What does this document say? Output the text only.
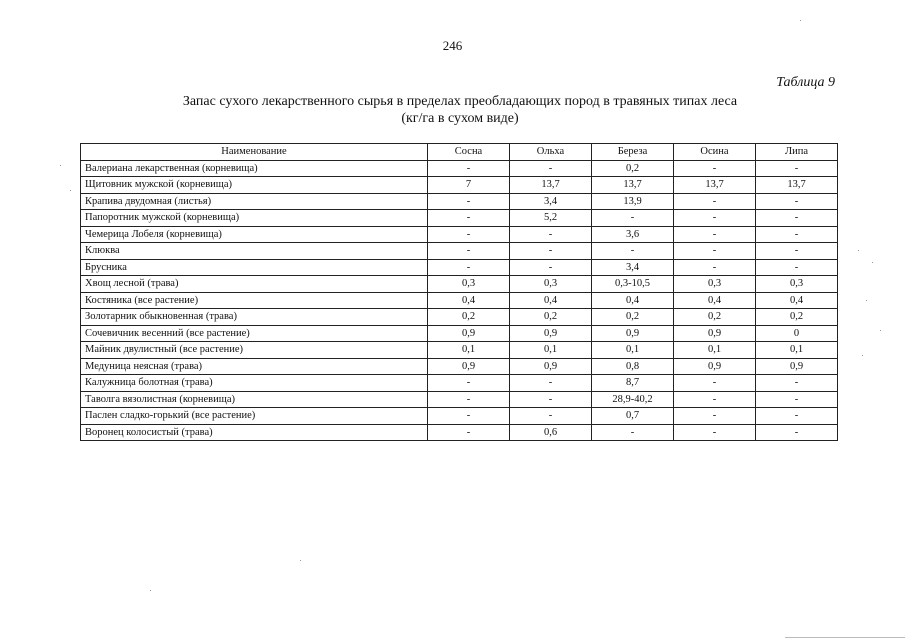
246
Таблица 9
Запас сухого лекарственного сырья в пределах преобладающих пород в травяных типах леса
(кг/га в сухом виде)
Наименование	Сосна	Ольха	Береза	Осина	Липа
Валериана лекарственная (корневища)	-	-	0,2	-	-
Щитовник мужской (корневища)	7	13,7	13,7	13,7	13,7
Крапива двудомная (листья)	-	3,4	13,9	-	-
Папоротник мужской (корневища)	-	5,2	-	-	-
Чемерица Лобеля (корневища)	-	-	3,6	-	-
Клюква	-	-	-	-	-
Брусника	-	-	3,4	-	-
Хвощ лесной (трава)	0,3	0,3	0,3-10,5	0,3	0,3
Костяника (все растение)	0,4	0,4	0,4	0,4	0,4
Золотарник обыкновенная (трава)	0,2	0,2	0,2	0,2	0,2
Сочевичник весенний (все растение)	0,9	0,9	0,9	0,9	0
Майник двулистный (все растение)	0,1	0,1	0,1	0,1	0,1
Медуница неясная (трава)	0,9	0,9	0,8	0,9	0,9
Калужница болотная (трава)	-	-	8,7	-	-
Таволга вязолистная (корневища)	-	-	28,9-40,2	-	-
Паслен сладко-горький (все растение)	-	-	0,7	-	-
Воронец колосистый (трава)	-	0,6	-	-	-
